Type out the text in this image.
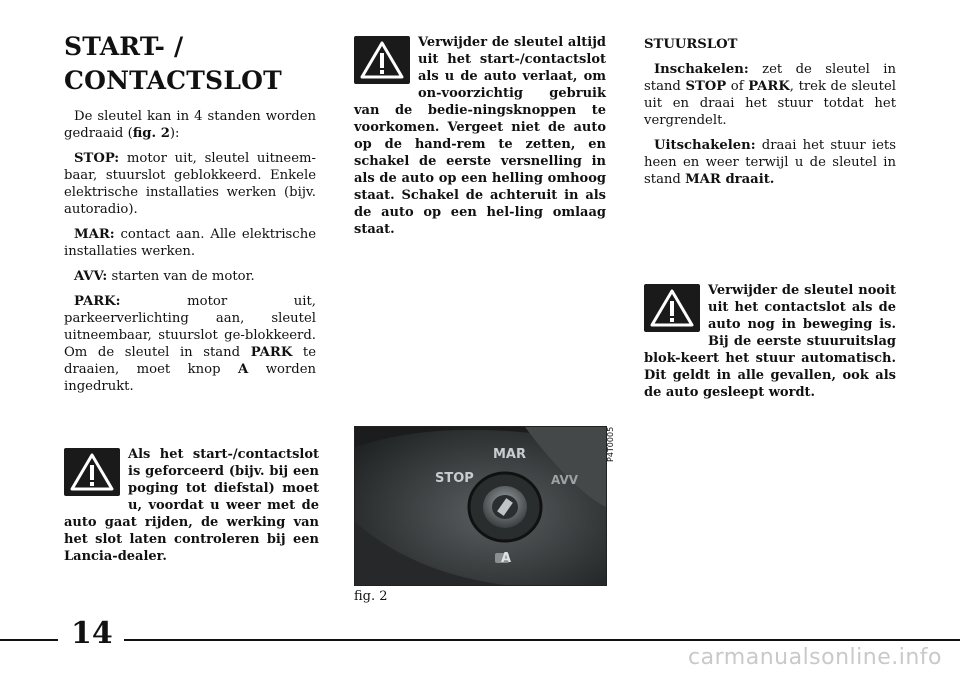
START- /
CONTACTSLOT

De sleutel kan in 4 standen worden gedraaid (fig. 2):

STOP: motor uit, sleutel uitneem-baar, stuurslot geblokkeerd. Enkele elektrische installaties werken (bijv. autoradio).

MAR: contact aan. Alle elektrische installaties werken.

AVV: starten van de motor.

PARK: motor uit, parkeerverlichting aan, sleutel uitneembaar, stuurslot ge-blokkeerd. Om de sleutel in stand PARK te draaien, moet knop A worden ingedrukt.

Als het start-/contactslot is geforceerd (bijv. bij een poging tot diefstal) moet u, voordat u weer met de auto gaat rijden, de werking van het slot laten controleren bij een Lancia-dealer.
Verwijder de sleutel altijd uit het start-/contactslot als u de auto verlaat, om on-voorzichtig gebruik van de bedie-ningsknoppen te voorkomen. Vergeet niet de auto op de hand-rem te zetten, en schakel de eerste versnelling in als de auto op een helling omhoog staat. Schakel de achteruit in als de auto op een hel-ling omlaag staat.

STUURSLOT

Inschakelen: zet de sleutel in stand STOP of PARK, trek de sleutel uit en draai het stuur totdat het vergrendelt.

Uitschakelen: draai het stuur iets heen en weer terwijl u de sleutel in stand MAR draait.

Verwijder de sleutel nooit uit het contactslot als de auto nog in beweging is. Bij de eerste stuuruitslag blok-keert het stuur automatisch. Dit geldt in alle gevallen, ook als de auto gesleept wordt.
MAR
STOP	AVV
A
P4T0005
fig. 2
14
carmanualsonline.info
